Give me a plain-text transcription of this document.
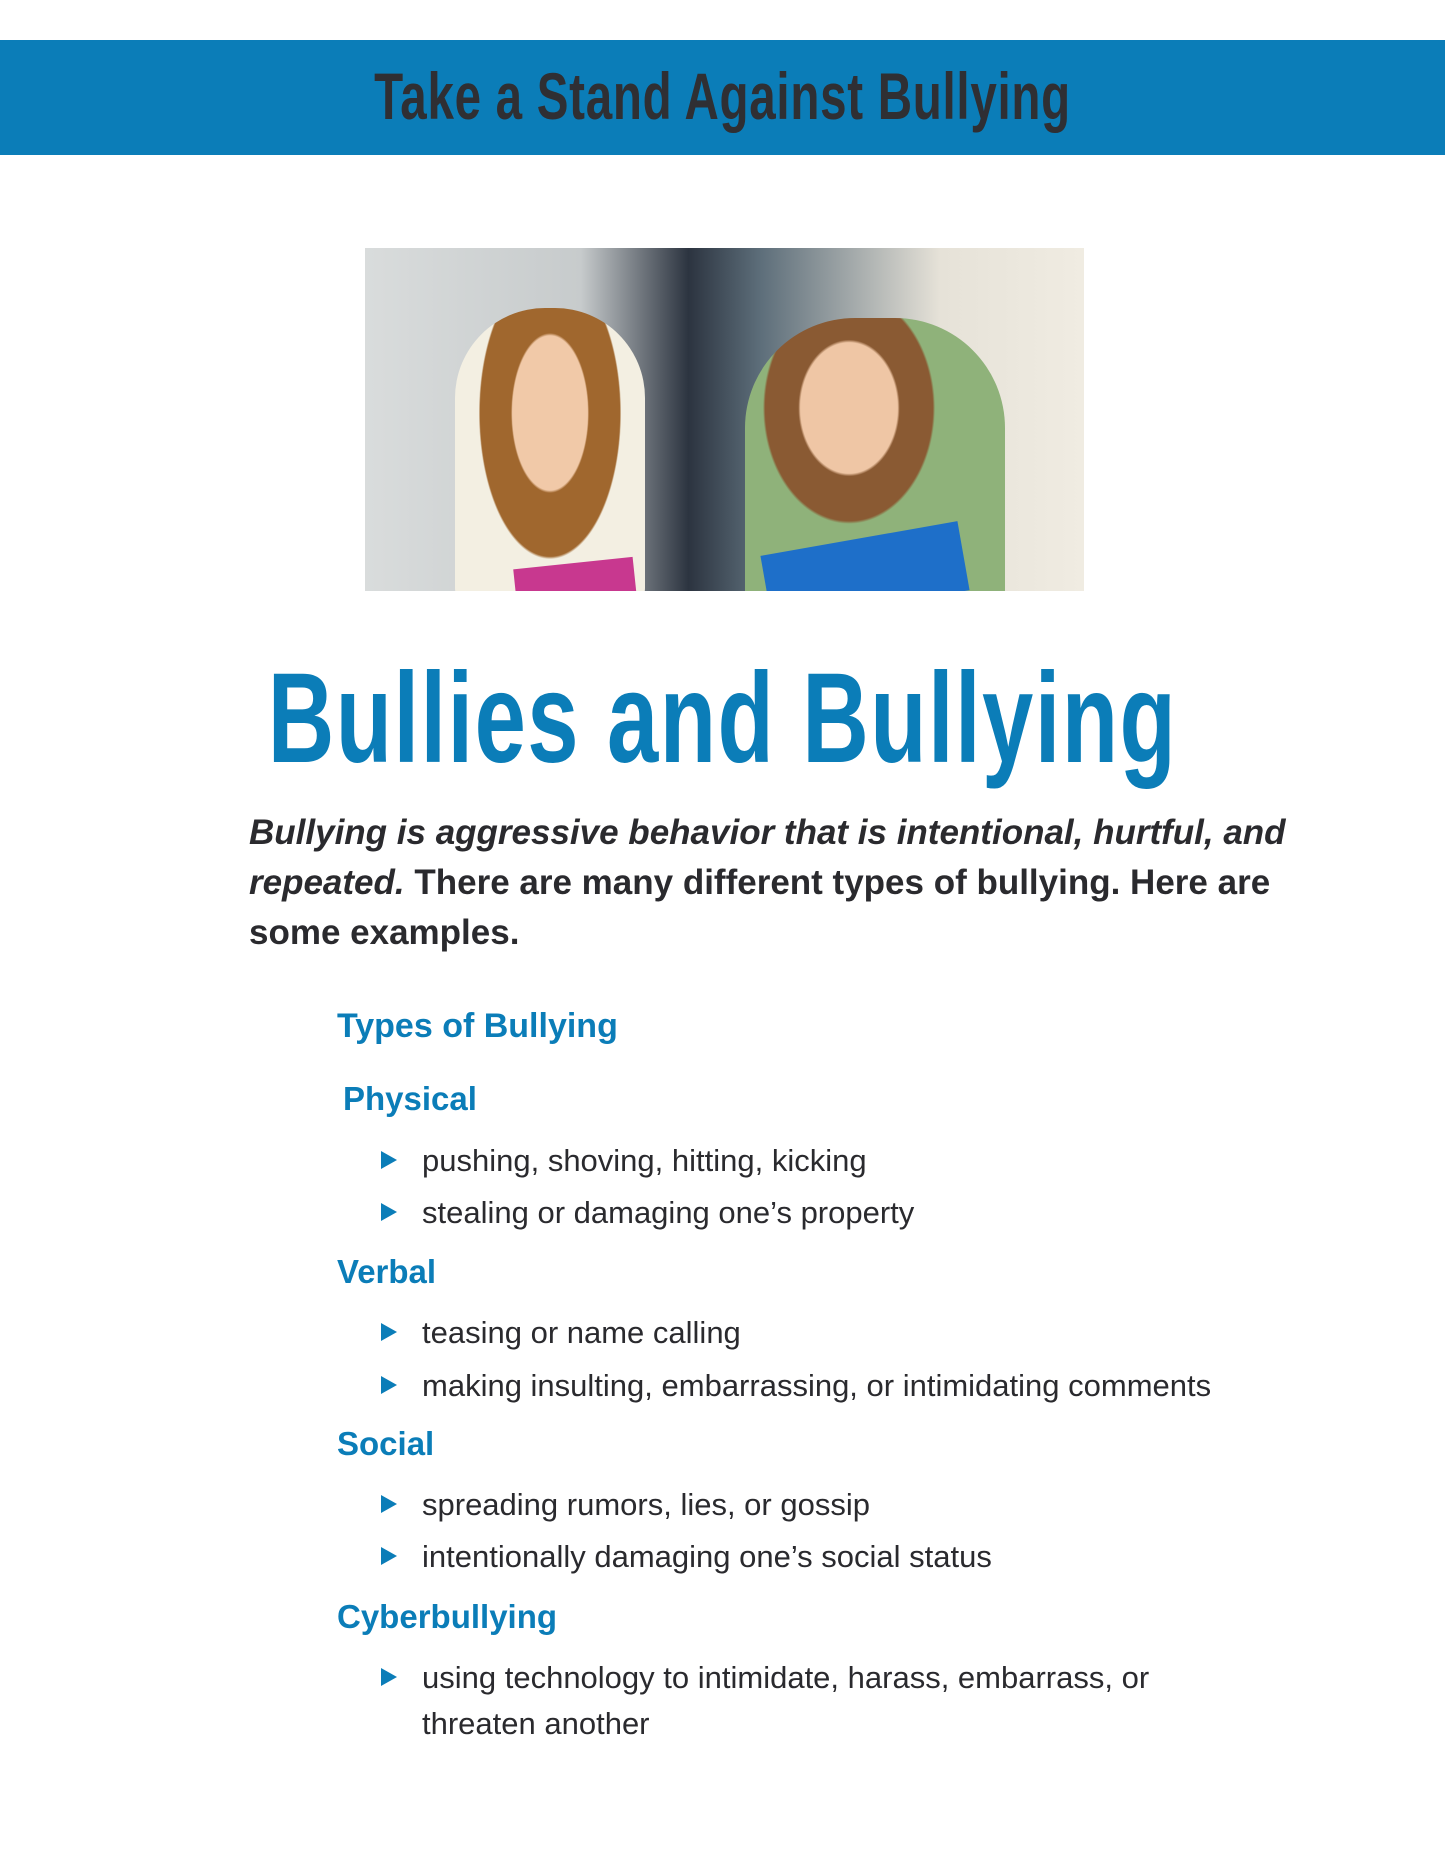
Take a Stand Against Bullying
Bullies and Bullying
Bullying is aggressive behavior that is intentional, hurtful, and repeated. There are many different types of bullying. Here are some examples.
Types of Bullying
Physical
pushing, shoving, hitting, kicking
stealing or damaging one’s property
Verbal
teasing or name calling
making insulting, embarrassing, or intimidating comments
Social
spreading rumors, lies, or gossip
intentionally damaging one’s social status
Cyberbullying
using technology to intimidate, harass, embarrass, or threaten another
